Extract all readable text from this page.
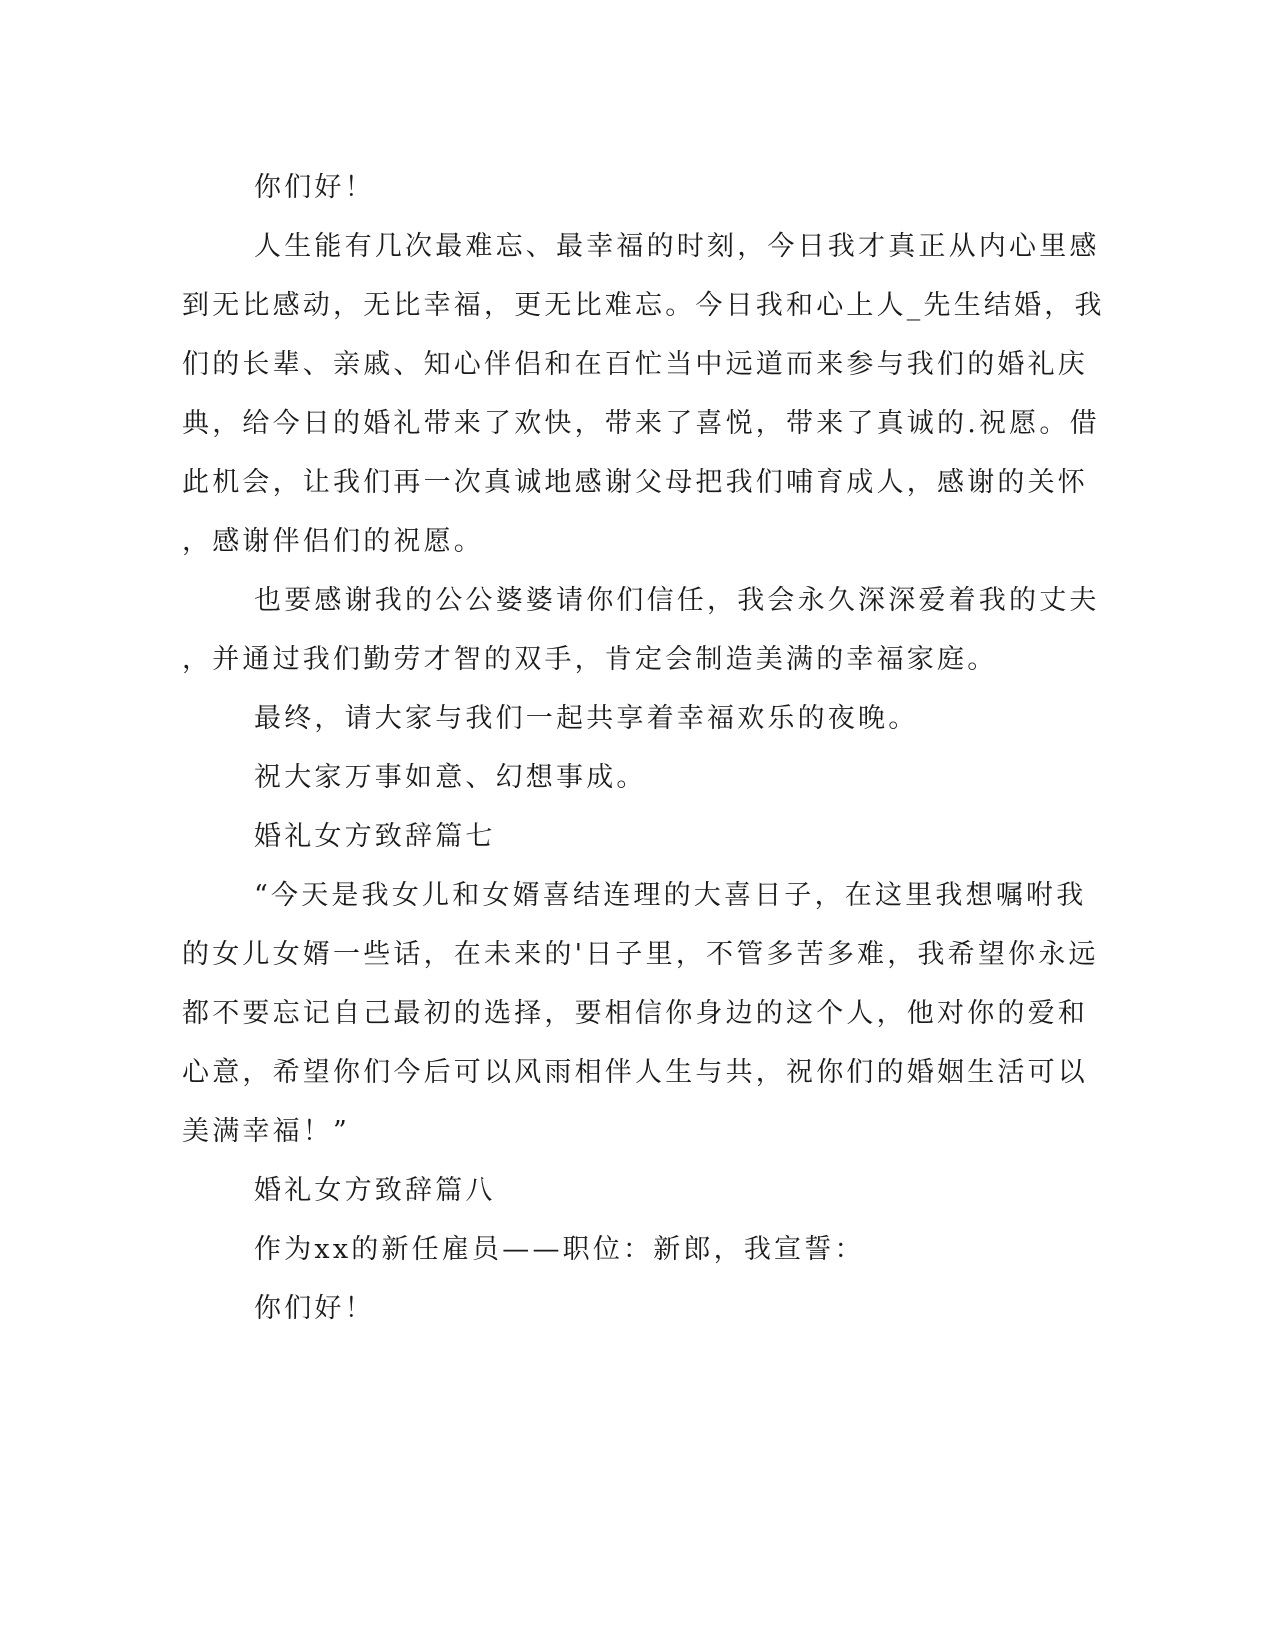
你们好！
人生能有几次最难忘、最幸福的时刻，今日我才真正从内心里感
到无比感动，无比幸福，更无比难忘。今日我和心上人_先生结婚，我
们的长辈、亲戚、知心伴侣和在百忙当中远道而来参与我们的婚礼庆
典，给今日的婚礼带来了欢快，带来了喜悦，带来了真诚的.祝愿。借
此机会，让我们再一次真诚地感谢父母把我们哺育成人，感谢的关怀
，感谢伴侣们的祝愿。
也要感谢我的公公婆婆请你们信任，我会永久深深爱着我的丈夫
，并通过我们勤劳才智的双手，肯定会制造美满的幸福家庭。
最终，请大家与我们一起共享着幸福欢乐的夜晚。
祝大家万事如意、幻想事成。
婚礼女方致辞篇七
“今天是我女儿和女婿喜结连理的大喜日子，在这里我想嘱咐我
的女儿女婿一些话，在未来的'日子里，不管多苦多难，我希望你永远
都不要忘记自己最初的选择，要相信你身边的这个人，他对你的爱和
心意，希望你们今后可以风雨相伴人生与共，祝你们的婚姻生活可以
美满幸福！”
婚礼女方致辞篇八
作为xx的新任雇员——职位：新郎，我宣誓：
你们好！
